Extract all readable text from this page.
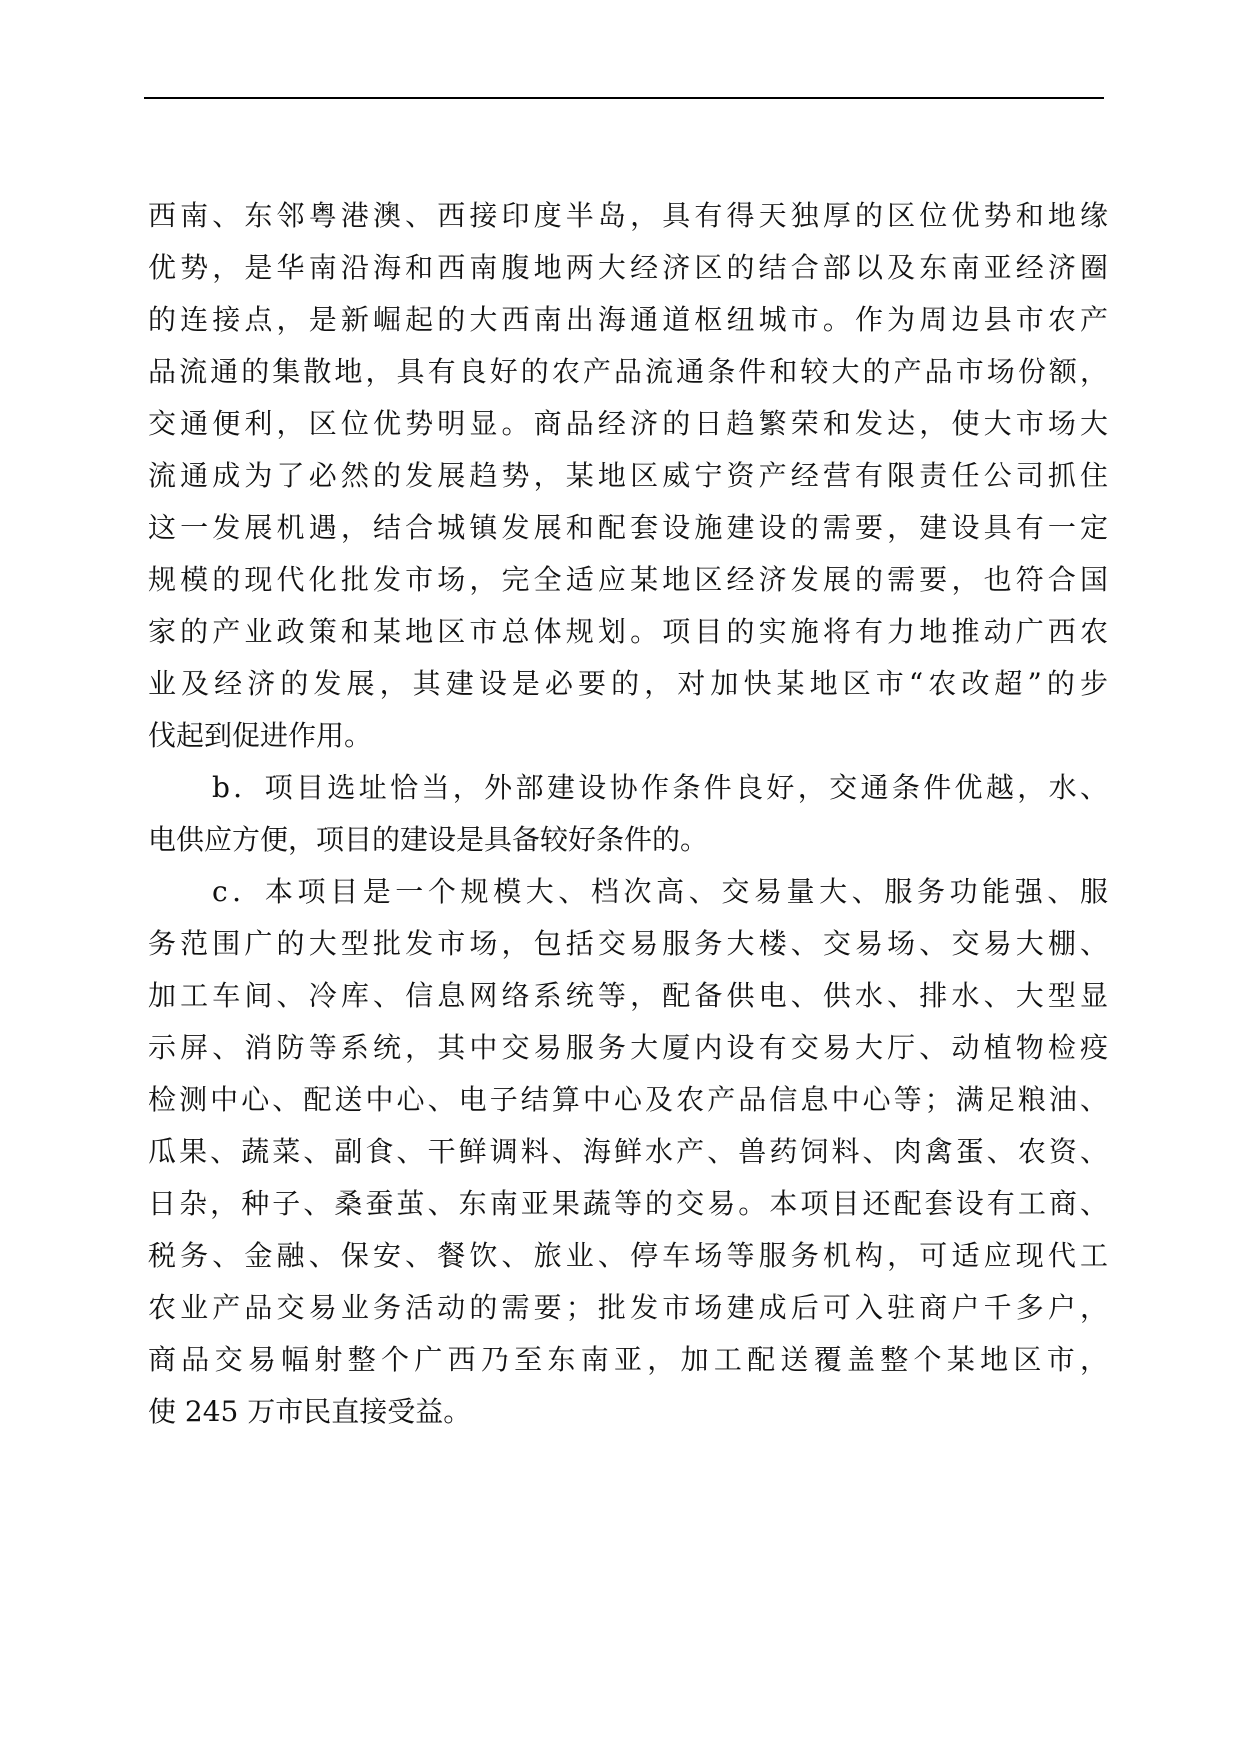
西南、东邻粤港澳、西接印度半岛，具有得天独厚的区位优势和地缘
优势，是华南沿海和西南腹地两大经济区的结合部以及东南亚经济圈
的连接点，是新崛起的大西南出海通道枢纽城市。作为周边县市农产
品流通的集散地，具有良好的农产品流通条件和较大的产品市场份额，
交通便利，区位优势明显。商品经济的日趋繁荣和发达，使大市场大
流通成为了必然的发展趋势，某地区威宁资产经营有限责任公司抓住
这一发展机遇，结合城镇发展和配套设施建设的需要，建设具有一定
规模的现代化批发市场，完全适应某地区经济发展的需要，也符合国
家的产业政策和某地区市总体规划。项目的实施将有力地推动广西农
业及经济的发展，其建设是必要的，对加快某地区市“农改超”的步
伐起到促进作用。
b．项目选址恰当，外部建设协作条件良好，交通条件优越，水、
电供应方便，项目的建设是具备较好条件的。
c．本项目是一个规模大、档次高、交易量大、服务功能强、服
务范围广的大型批发市场，包括交易服务大楼、交易场、交易大棚、
加工车间、冷库、信息网络系统等，配备供电、供水、排水、大型显
示屏、消防等系统，其中交易服务大厦内设有交易大厅、动植物检疫
检测中心、配送中心、电子结算中心及农产品信息中心等；满足粮油、
瓜果、蔬菜、副食、干鲜调料、海鲜水产、兽药饲料、肉禽蛋、农资、
日杂，种子、桑蚕茧、东南亚果蔬等的交易。本项目还配套设有工商、
税务、金融、保安、餐饮、旅业、停车场等服务机构，可适应现代工
农业产品交易业务活动的需要；批发市场建成后可入驻商户千多户，
商品交易幅射整个广西乃至东南亚，加工配送覆盖整个某地区市，
使 245 万市民直接受益。
